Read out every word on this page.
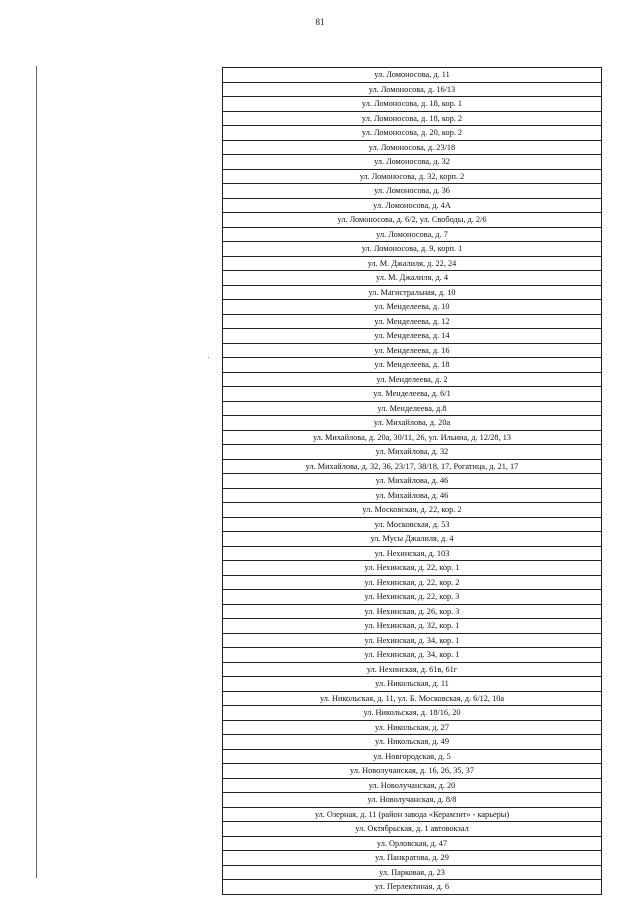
81
ул. Ломоносова, д. 11
ул. Ломоносова, д. 16/13
ул. Ломоносова, д. 18, кор. 1
ул. Ломоносова, д. 18, кор. 2
ул. Ломоносова, д. 20, кор. 2
ул. Ломоносова, д. 23/18
ул. Ломоносова, д. 32
ул. Ломоносова, д. 32, корп. 2
ул. Ломоносова, д. 36
ул. Ломоносова, д. 4А
ул. Ломоносова, д. 6/2, ул. Свободы, д. 2/6
ул. Ломоносова, д. 7
ул. Ломоносова, д. 9, корп. 1
ул. М. Джалиля, д. 22, 24
ул. М. Джалиля, д. 4
ул. Магистральная, д. 10
ул. Менделеева, д. 10
ул. Менделеева, д. 12
ул. Менделеева, д. 14
ул. Менделеева, д. 16
ул. Менделеева, д. 18
ул. Менделеева, д. 2
ул. Менделеева, д. 6/1
ул. Менделеева, д.8
ул. Михайлова, д. 20а
ул. Михайлова, д. 20а, 30/11, 26, ул. Ильина, д. 12/28, 13
ул. Михайлова, д. 32
ул. Михайлова, д. 32, 36, 23/17, 38/18, 17, Рогатица, д. 21, 17
ул. Михайлова, д. 46
ул. Михайлова, д. 46
ул. Московская, д. 22, кор. 2
ул. Московская, д. 53
ул. Мусы Джалиля, д. 4
ул. Нехинская, д. 103
ул. Нехинская, д. 22, кор. 1
ул. Нехинская, д. 22, кор. 2
ул. Нехинская, д. 22, кор. 3
ул. Нехинская, д. 26, кор. 3
ул. Нехинская, д. 32, кор. 1
ул. Нехинская, д. 34, кор. 1
ул. Нехинская, д. 34, кор. 1
ул. Нехинская, д. 61в, 61г
ул. Никольская, д. 11
ул. Никольская, д. 11, ул. Б. Московская, д. 6/12, 10а
ул. Никольская, д. 18/16, 20
ул. Никольская, д. 27
ул. Никольская, д. 49
ул. Новгородская, д. 5
ул. Новолучанская, д. 16, 26, 35, 37
ул. Новолучанская, д. 20
ул. Новолучанская, д. 8/8
ул. Озерная, д. 11 (район завода «Керамзит» - карьеры)
ул. Октябрьская, д. 1 автовокзал
ул. Орловская, д. 47
ул. Панкратова, д. 29
ул. Парковая, д. 23
ул. Перлектиная, д. 6
